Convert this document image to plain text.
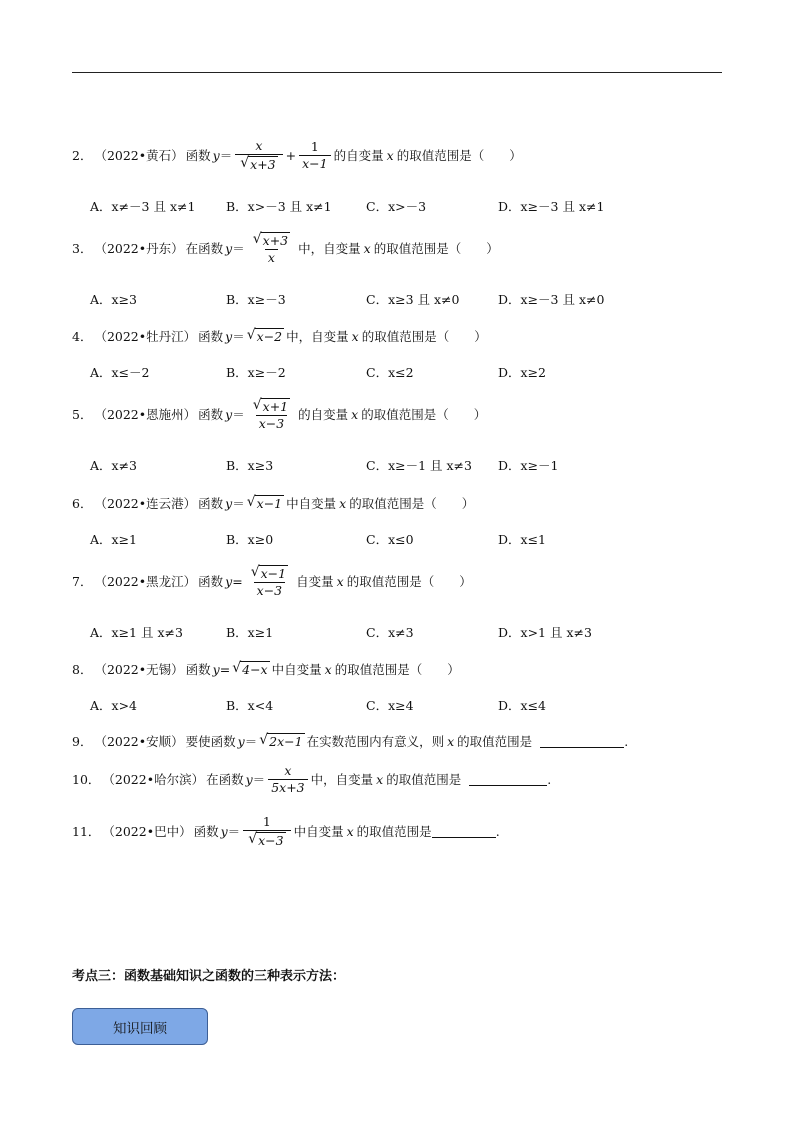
2． （2022•黄石） 函数 $y = \frac{x}{√ x+3} + \frac{1}{x-1}$ 的自变量 x 的取值范围是（　　）
A．x≠－3 且 x≠1 B．x>－3 且 x≠1	C．x>－3	D．x≥－3 且 x≠1
3． （2022•丹东） 在函数 $y = \frac{√ x+3}{x}$ 中，自变量 x 的取值范围是（　　）
A．x≥3	B．x≥－3	C．x≥3 且 x≠0	D．x≥－3 且 x≠0
4． （2022•牡丹江） 函数 y ＝ √ x−2 中，自变量 x 的取值范围是（　　）
A．x≤－2	B．x≥－2	C．x≤2	D．x≥2
5． （2022•恩施州） 函数 $y = \frac{√ x+1}{x-3}$ 的自变量 x 的取值范围是（　　）
A．x≠3	B．x≥3	C．x≥－1 且 x≠3 D．x≥－1
6． （2022•连云港） 函数 y ＝ √ x−1 中自变量 x 的取值范围是（　　）
A．x≥1	B．x≥0	C．x≤0	D．x≤1
7． （2022•黑龙江） 函数 $y = \frac{√ x-1}{x-3}$ 自变量 x 的取值范围是（　　）
A．x≥1 且 x≠3	B．x≥1	C．x≠3	D．x>1 且 x≠3
8． （2022•无锡） 函数 y = √ 4−x 中自变量 x 的取值范围是（　　）
A．x>4	B．x<4	C．x≥4	D．x≤4
9． （2022•安顺） 要使函数 y ＝ √ 2x−1 在实数范围内有意义，则 x 的取值范围是	.
10． （2022•哈尔滨） 在函数 $y = \frac{x}{5x+3}$ 中，自变量 x 的取值范围是	.
11． （2022•巴中） 函数 $y = \frac{1}{√ x-3}$ 中自变量 x 的取值范围是	.
考点三：函数基础知识之函数的三种表示方法：
知识回顾
